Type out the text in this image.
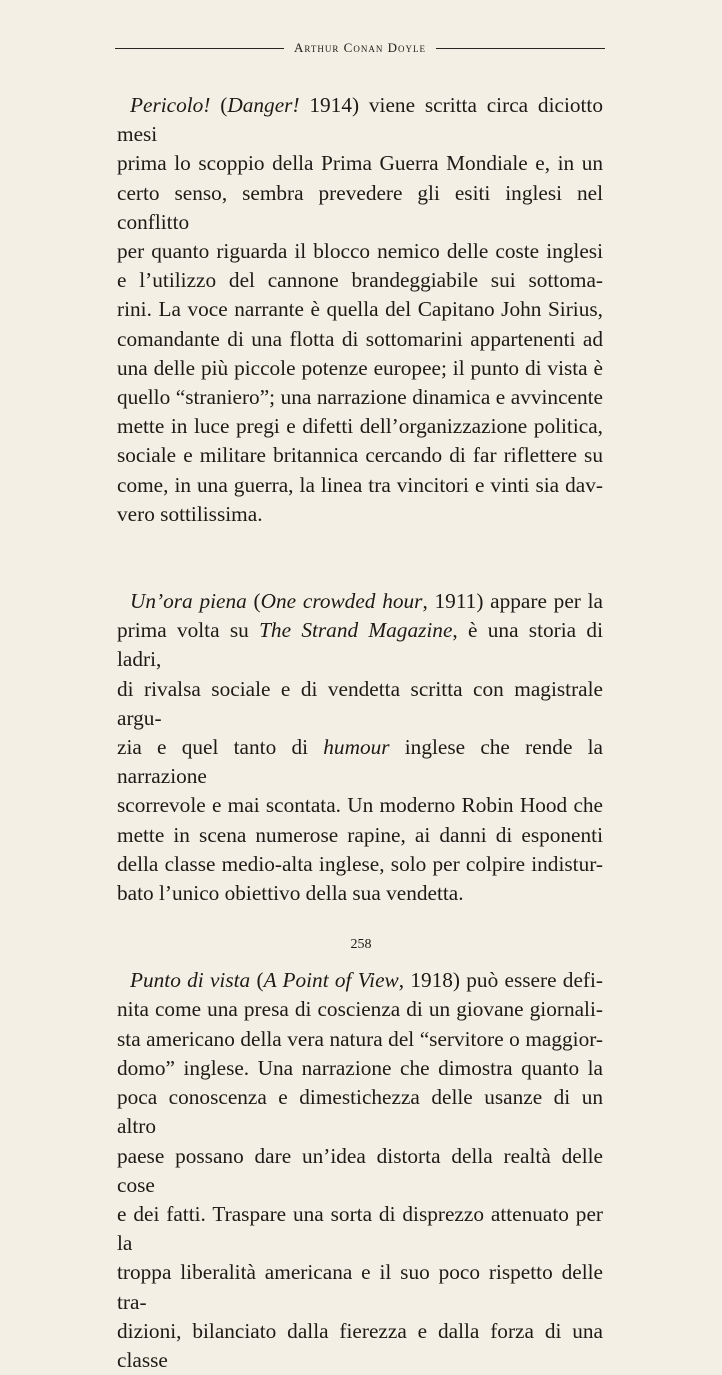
Arthur Conan Doyle

Pericolo! (Danger! 1914) viene scritta circa diciotto mesi
prima lo scoppio della Prima Guerra Mondiale e, in un
certo senso, sembra prevedere gli esiti inglesi nel conflitto
per quanto riguarda il blocco nemico delle coste inglesi
e l’utilizzo del cannone brandeggiabile sui sottoma-
rini. La voce narrante è quella del Capitano John Sirius,
comandante di una flotta di sottomarini appartenenti ad
una delle più piccole potenze europee; il punto di vista è
quello “straniero”; una narrazione dinamica e avvincente
mette in luce pregi e difetti dell’organizzazione politica,
sociale e militare britannica cercando di far riflettere su
come, in una guerra, la linea tra vincitori e vinti sia dav-
vero sottilissima.

Un’ora piena (One crowded hour, 1911) appare per la
prima volta su The Strand Magazine, è una storia di ladri,
di rivalsa sociale e di vendetta scritta con magistrale argu-
zia e quel tanto di humour inglese che rende la narrazione
scorrevole e mai scontata. Un moderno Robin Hood che
mette in scena numerose rapine, ai danni di esponenti
della classe medio-alta inglese, solo per colpire indistur-
bato l’unico obiettivo della sua vendetta.

Punto di vista (A Point of View, 1918) può essere defi-
nita come una presa di coscienza di un giovane giornali-
sta americano della vera natura del “servitore o maggior-
domo” inglese. Una narrazione che dimostra quanto la
poca conoscenza e dimestichezza delle usanze di un altro
paese possano dare un’idea distorta della realtà delle cose
e dei fatti. Traspare una sorta di disprezzo attenuato per la
troppa liberalità americana e il suo poco rispetto delle tra-
dizioni, bilanciato dalla fierezza e dalla forza di una classe

258
